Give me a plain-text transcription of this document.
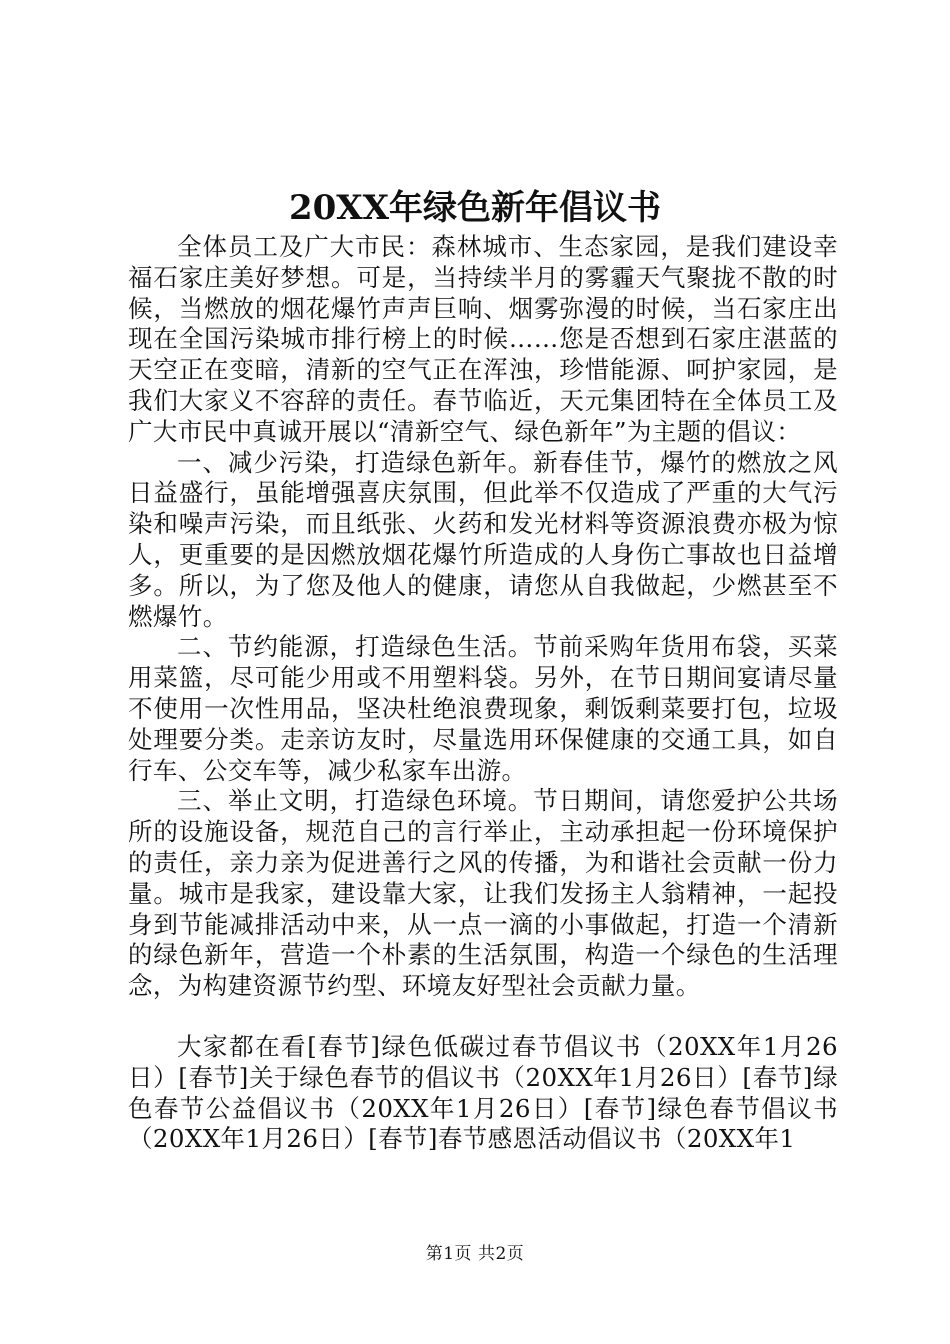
20XX年绿色新年倡议书

全体员工及广大市民：森林城市、生态家园，是我们建设幸福石家庄美好梦想。可是，当持续半月的雾霾天气聚拢不散的时候，当燃放的烟花爆竹声声巨响、烟雾弥漫的时候，当石家庄出现在全国污染城市排行榜上的时候……您是否想到石家庄湛蓝的天空正在变暗，清新的空气正在浑浊，珍惜能源、呵护家园，是我们大家义不容辞的责任。春节临近，天元集团特在全体员工及广大市民中真诚开展以“清新空气、绿色新年”为主题的倡议：

一、减少污染，打造绿色新年。新春佳节，爆竹的燃放之风日益盛行，虽能增强喜庆氛围，但此举不仅造成了严重的大气污染和噪声污染，而且纸张、火药和发光材料等资源浪费亦极为惊人，更重要的是因燃放烟花爆竹所造成的人身伤亡事故也日益增多。所以，为了您及他人的健康，请您从自我做起，少燃甚至不燃爆竹。

二、节约能源，打造绿色生活。节前采购年货用布袋，买菜用菜篮，尽可能少用或不用塑料袋。另外，在节日期间宴请尽量不使用一次性用品，坚决杜绝浪费现象，剩饭剩菜要打包，垃圾处理要分类。走亲访友时，尽量选用环保健康的交通工具，如自行车、公交车等，减少私家车出游。

三、举止文明，打造绿色环境。节日期间，请您爱护公共场所的设施设备，规范自己的言行举止，主动承担起一份环境保护的责任，亲力亲为促进善行之风的传播，为和谐社会贡献一份力量。城市是我家，建设靠大家，让我们发扬主人翁精神，一起投身到节能减排活动中来，从一点一滴的小事做起，打造一个清新的绿色新年，营造一个朴素的生活氛围，构造一个绿色的生活理念，为构建资源节约型、环境友好型社会贡献力量。

大家都在看[春节]绿色低碳过春节倡议书（20XX年1月26日）[春节]关于绿色春节的倡议书（20XX年1月26日）[春节]绿色春节公益倡议书（20XX年1月26日）[春节]绿色春节倡议书（20XX年1月26日）[春节]春节感恩活动倡议书（20XX年1

第1页 共2页
